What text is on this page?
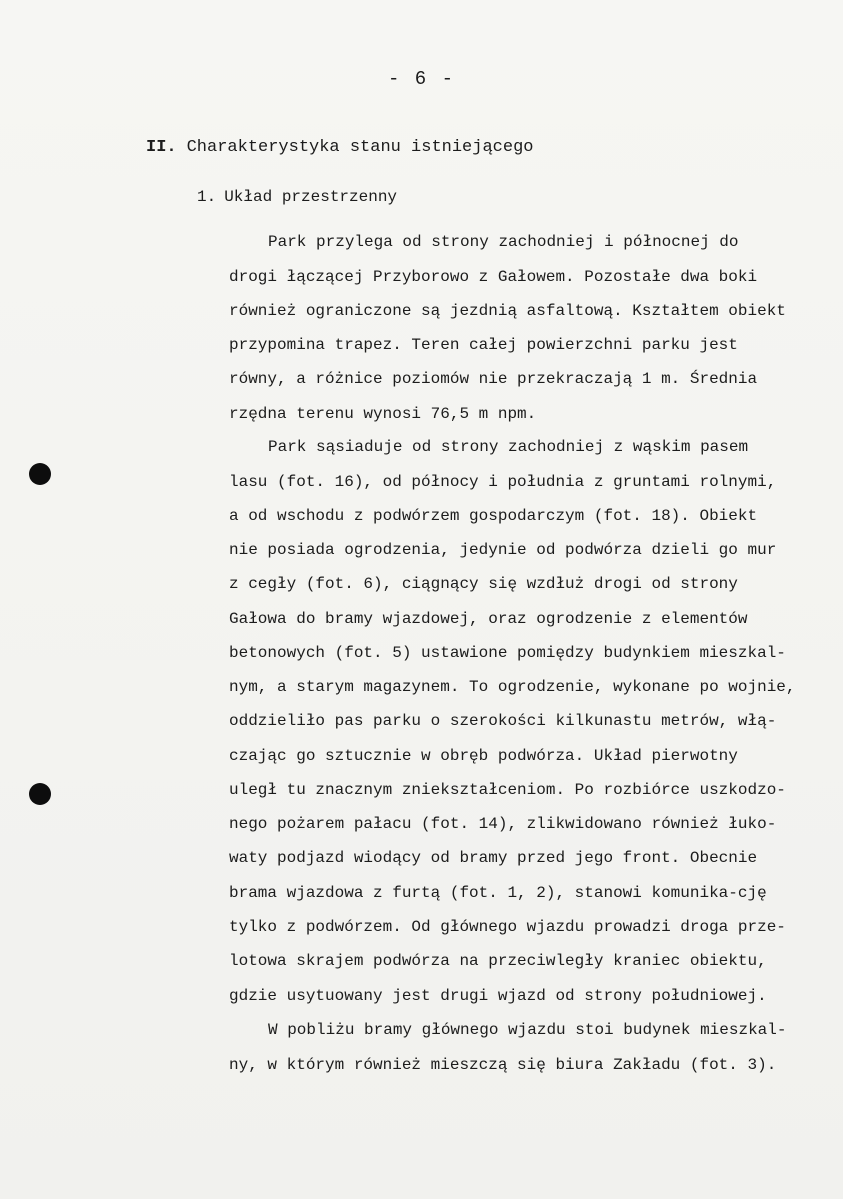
- 6 -
II. Charakterystyka stanu istniejącego
1. Układ przestrzenny
Park przylega od strony zachodniej i północnej do
drogi łączącej Przyborowo z Gałowem. Pozostałe dwa boki
również ograniczone są jezdnią asfaltową. Kształtem obiekt
przypomina trapez. Teren całej powierzchni parku jest
równy, a różnice poziomów nie przekraczają 1 m. Średnia
rzędna terenu wynosi 76,5 m npm.
Park sąsiaduje od strony zachodniej z wąskim pasem
lasu (fot. 16), od północy i południa z gruntami rolnymi,
a od wschodu z podwórzem gospodarczym (fot. 18). Obiekt
nie posiada ogrodzenia, jedynie od podwórza dzieli go mur
z cegły (fot. 6), ciągnący się wzdłuż drogi od strony
Gałowa do bramy wjazdowej, oraz ogrodzenie z elementów
betonowych (fot. 5) ustawione pomiędzy budynkiem mieszkal-
nym, a starym magazynem. To ogrodzenie, wykonane po wojnie,
oddzieliło pas parku o szerokości kilkunastu metrów, włą-
czając go sztucznie w obręb podwórza. Układ pierwotny
uległ tu znacznym zniekształceniom. Po rozbiórce uszkodzo-
nego pożarem pałacu (fot. 14), zlikwidowano również łuko-
waty podjazd wiodący od bramy przed jego front. Obecnie
brama wjazdowa z furtą (fot. 1, 2), stanowi komunika-cję
tylko z podwórzem. Od głównego wjazdu prowadzi droga prze-
lotowa skrajem podwórza na przeciwległy kraniec obiektu,
gdzie usytuowany jest drugi wjazd od strony południowej.
W pobliżu bramy głównego wjazdu stoi budynek mieszkal-
ny, w którym również mieszczą się biura Zakładu (fot. 3).
